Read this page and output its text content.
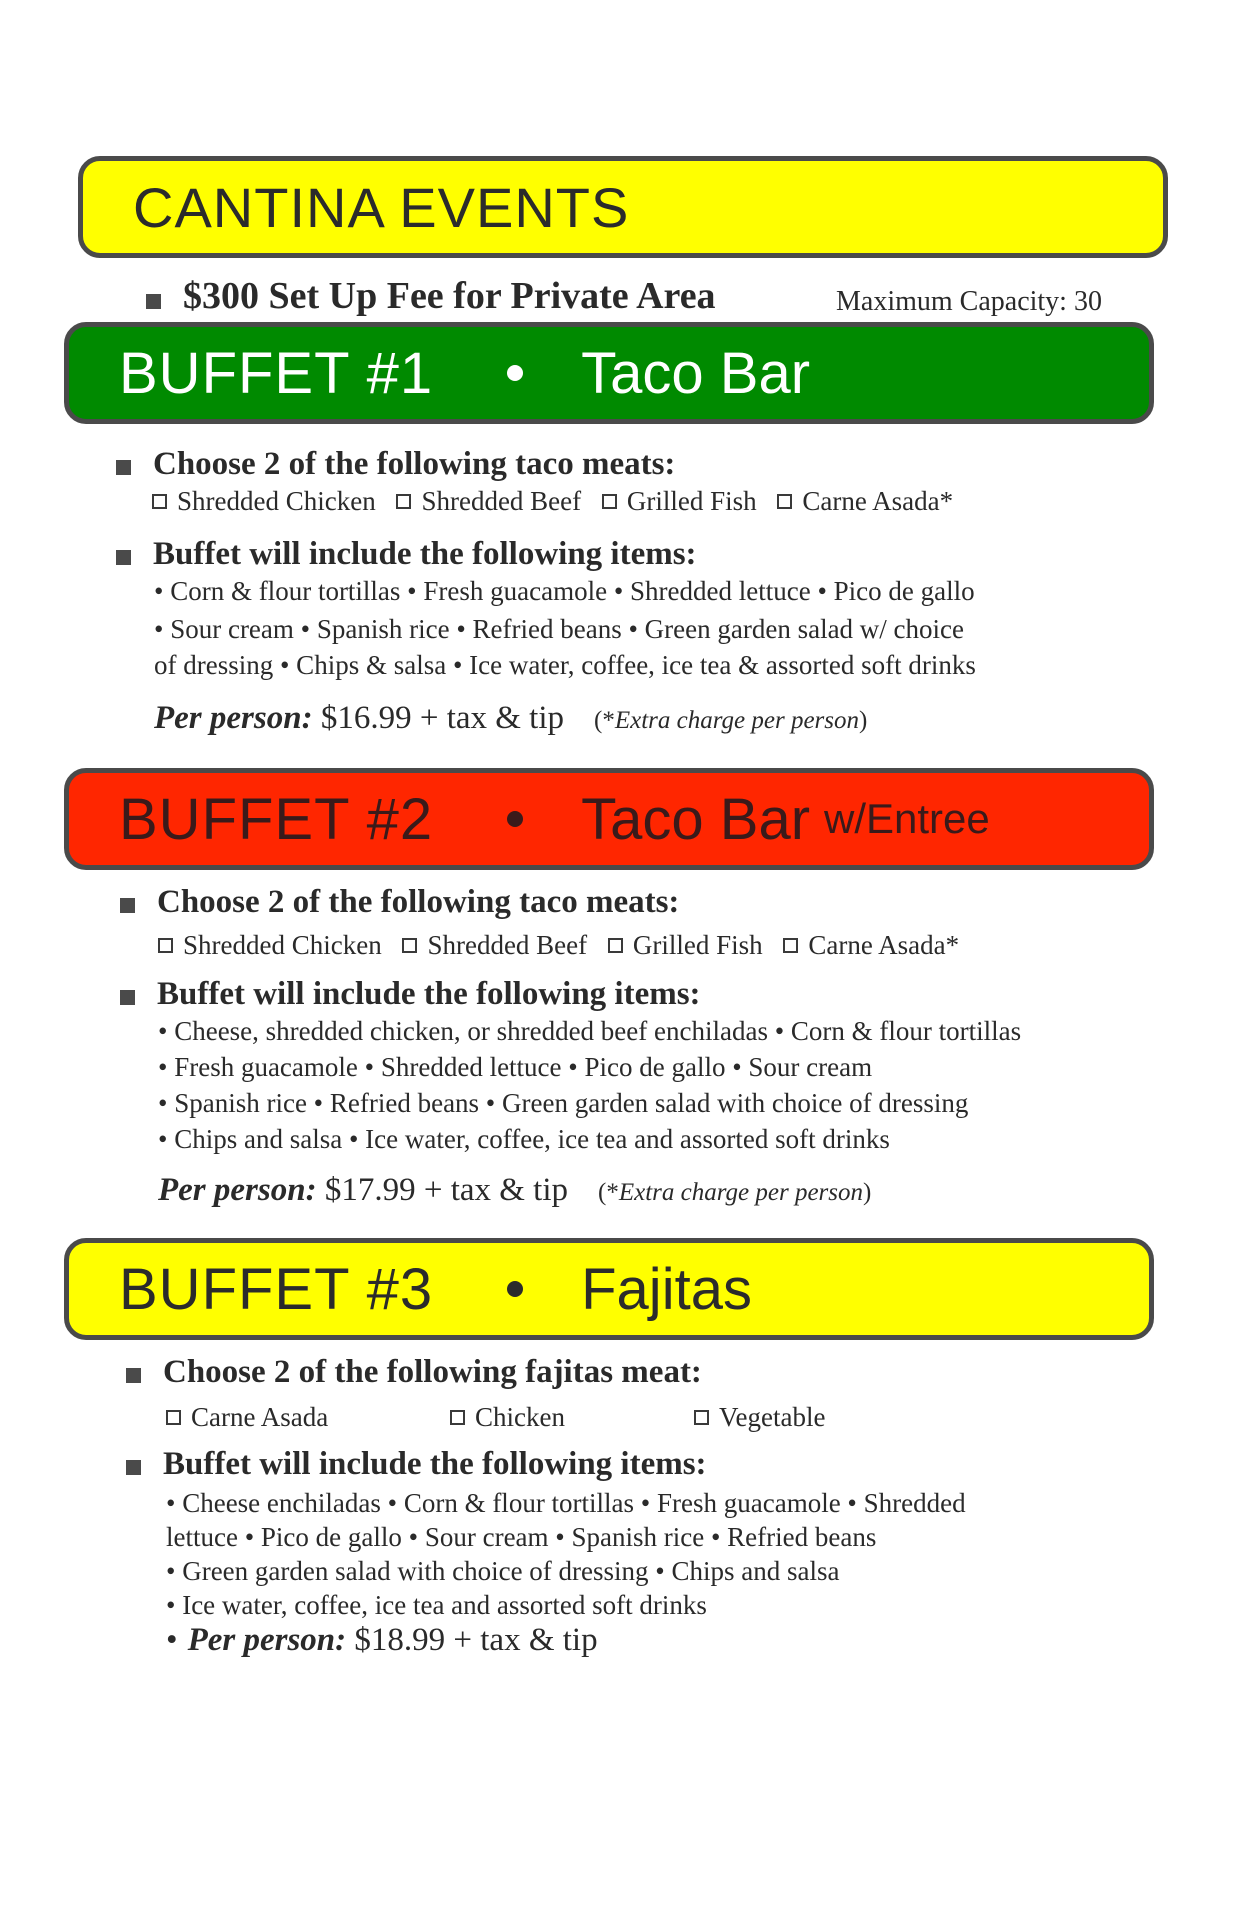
CANTINA EVENTS
$300 Set Up Fee for Private Area	Maximum Capacity: 30
BUFFET #1	Taco Bar
Choose 2 of the following taco meats:
Shredded Chicken Shredded Beef Grilled Fish Carne Asada*
Buffet will include the following items:
• Corn & flour tortillas • Fresh guacamole • Shredded lettuce • Pico de gallo
• Sour cream • Spanish rice • Refried beans • Green garden salad w/ choice
of dressing • Chips & salsa • Ice water, coffee, ice tea & assorted soft drinks
Per person: $16.99 + tax & tip (*Extra charge per person)
BUFFET #2	Taco Bar w/Entree
Choose 2 of the following taco meats:
Shredded Chicken Shredded Beef Grilled Fish Carne Asada*
Buffet will include the following items:
• Cheese, shredded chicken, or shredded beef enchiladas • Corn & flour tortillas
• Fresh guacamole • Shredded lettuce • Pico de gallo • Sour cream
• Spanish rice • Refried beans • Green garden salad with choice of dressing
• Chips and salsa • Ice water, coffee, ice tea and assorted soft drinks
Per person: $17.99 + tax & tip (*Extra charge per person)
BUFFET #3	Fajitas
Choose 2 of the following fajitas meat:
Carne Asada	Chicken	Vegetable
Buffet will include the following items:
• Cheese enchiladas • Corn & flour tortillas • Fresh guacamole • Shredded
lettuce • Pico de gallo • Sour cream • Spanish rice • Refried beans
• Green garden salad with choice of dressing • Chips and salsa
• Ice water, coffee, ice tea and assorted soft drinks
• Per person: $18.99 + tax & tip
